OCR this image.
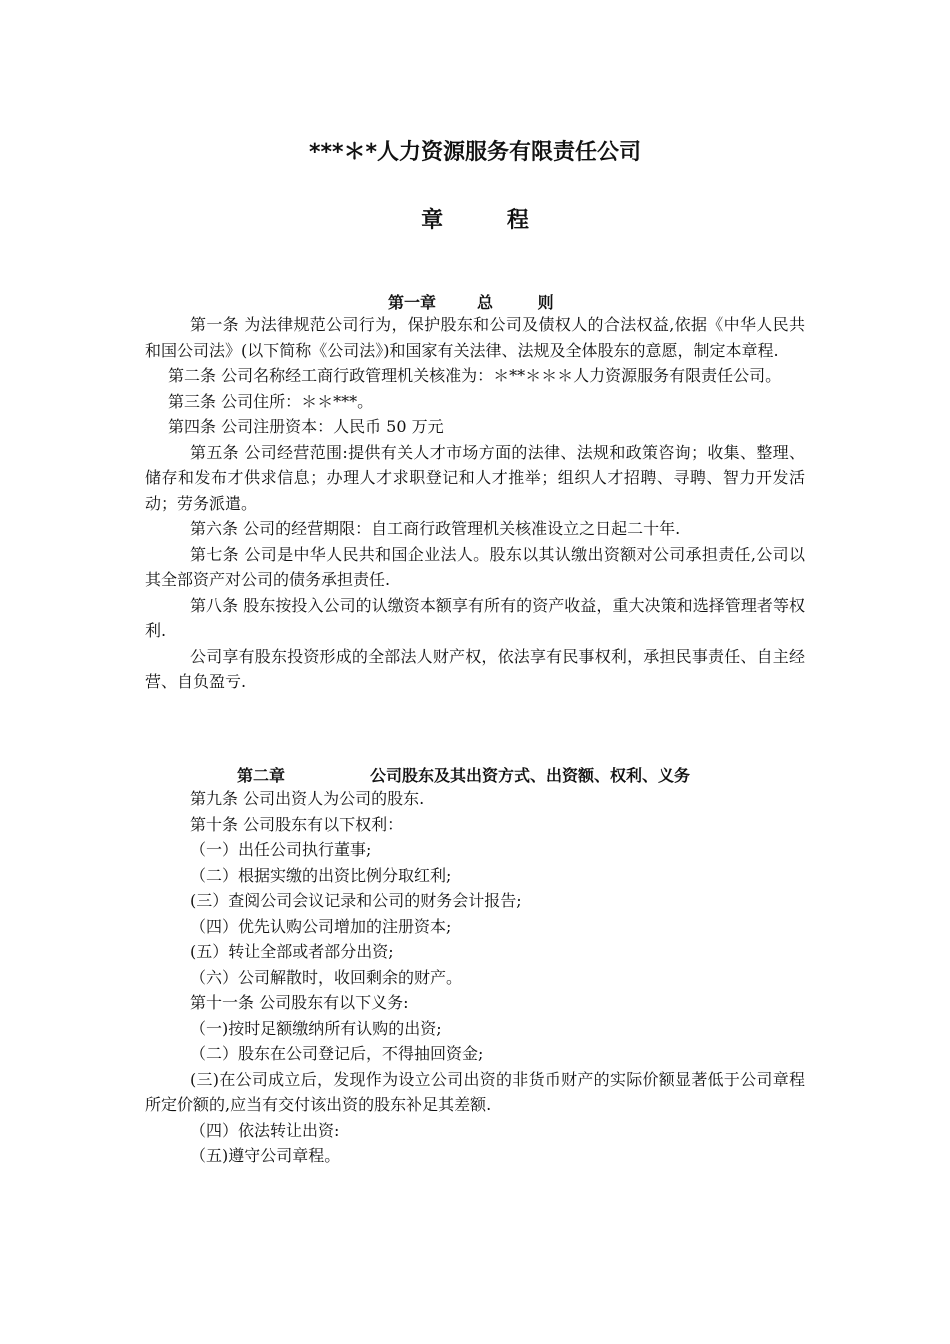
***＊*人力资源服务有限责任公司
章 程
第一章	总        则

第一条 为法律规范公司行为，保护股东和公司及债权人的合法权益,依据《中华人民共和国公司法》(以下简称《公司法》)和国家有关法律、法规及全体股东的意愿，制定本章程.

第二条 公司名称经工商行政管理机关核准为：＊**＊＊＊人力资源服务有限责任公司。

第三条 公司住所：＊＊***。

第四条 公司注册资本：人民币 50 万元

第五条 公司经营范围:提供有关人才市场方面的法律、法规和政策咨询；收集、整理、储存和发布才供求信息；办理人才求职登记和人才推举；组织人才招聘、寻聘、智力开发活动；劳务派遣。

第六条 公司的经营期限：自工商行政管理机关核准设立之日起二十年.

第七条 公司是中华人民共和国企业法人。股东以其认缴出资额对公司承担责任,公司以其全部资产对公司的债务承担责任.

第八条 股东按投入公司的认缴资本额享有所有的资产收益，重大决策和选择管理者等权利.

公司享有股东投资形成的全部法人财产权，依法享有民事权利，承担民事责任、自主经营、自负盈亏.

第二章	公司股东及其出资方式、出资额、权利、义务

第九条 公司出资人为公司的股东.

第十条 公司股东有以下权利：

（一）出任公司执行董事;

（二）根据实缴的出资比例分取红利;

(三）查阅公司会议记录和公司的财务会计报告;

（四）优先认购公司增加的注册资本;

(五）转让全部或者部分出资;

（六）公司解散时，收回剩余的财产。

第十一条 公司股东有以下义务:

（一)按时足额缴纳所有认购的出资;

（二）股东在公司登记后，不得抽回资金;

(三)在公司成立后，发现作为设立公司出资的非货币财产的实际价额显著低于公司章程所定价额的,应当有交付该出资的股东补足其差额.

（四）依法转让出资:

（五)遵守公司章程。
